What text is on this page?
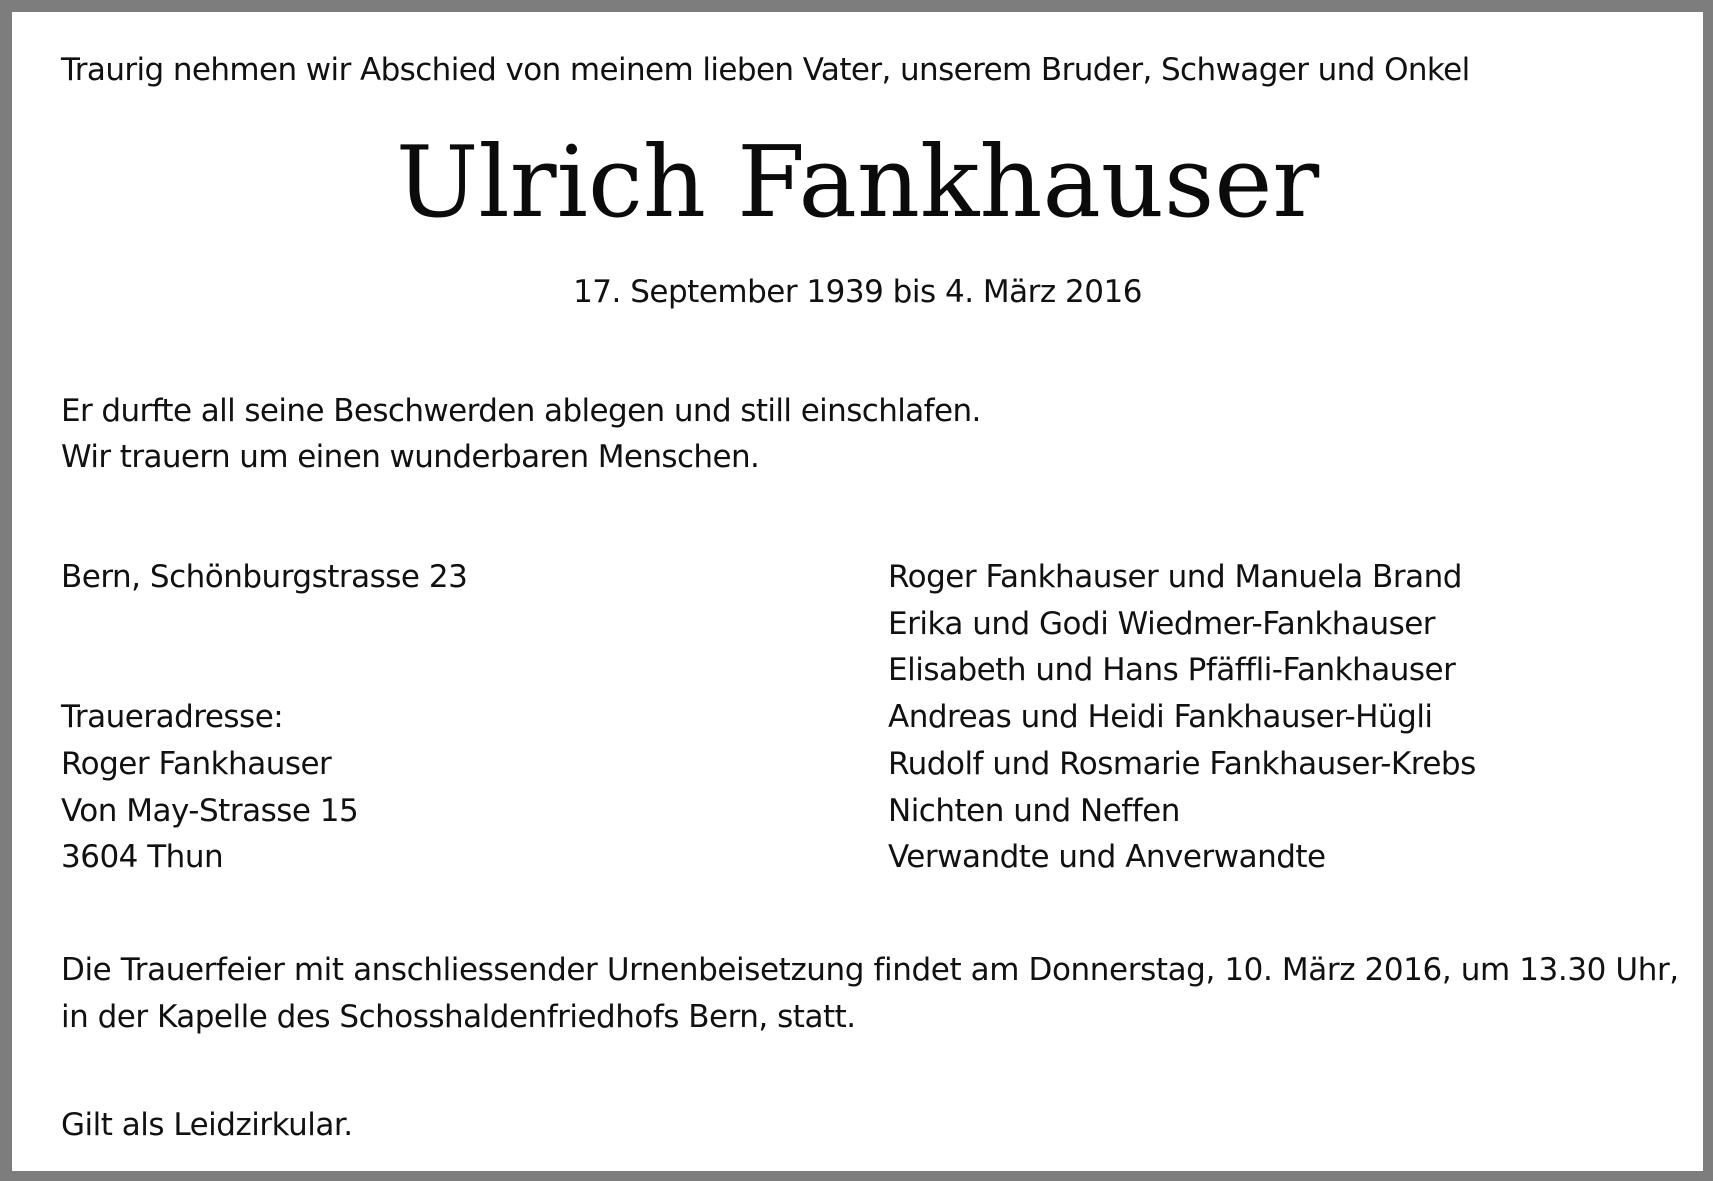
Traurig nehmen wir Abschied von meinem lieben Vater, unserem Bruder, Schwager und Onkel
Ulrich Fankhauser
17. September 1939 bis 4. März 2016
Er durfte all seine Beschwerden ablegen und still einschlafen.
Wir trauern um einen wunderbaren Menschen.
Bern, Schönburgstrasse 23
Traueradresse:
Roger Fankhauser
Von May-Strasse 15
3604 Thun
Roger Fankhauser und Manuela Brand
Erika und Godi Wiedmer-Fankhauser
Elisabeth und Hans Pfäffli-Fankhauser
Andreas und Heidi Fankhauser-Hügli
Rudolf und Rosmarie Fankhauser-Krebs
Nichten und Neffen
Verwandte und Anverwandte
Die Trauerfeier mit anschliessender Urnenbeisetzung findet am Donnerstag, 10. März 2016, um 13.30 Uhr,
in der Kapelle des Schosshaldenfriedhofs Bern, statt.
Gilt als Leidzirkular.
